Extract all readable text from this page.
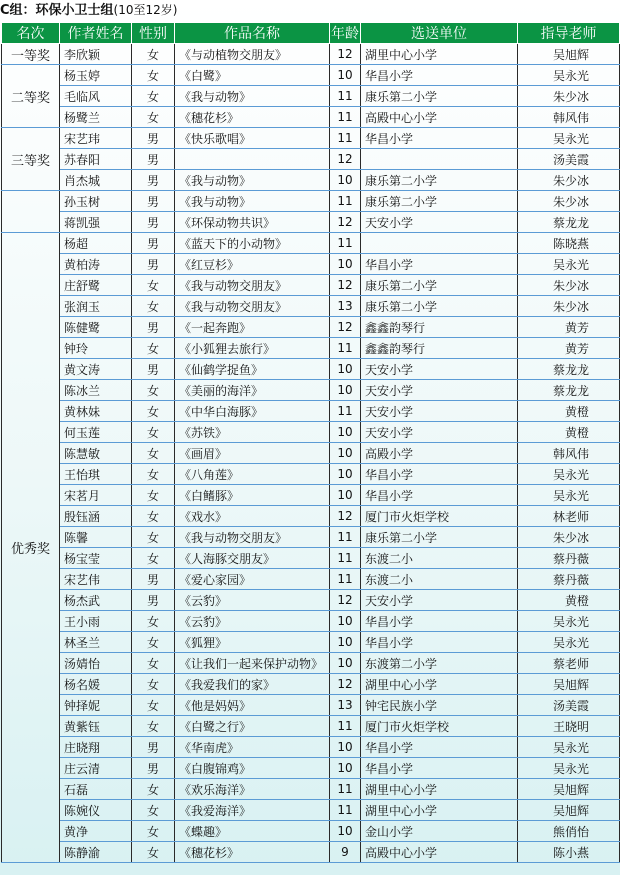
C组：环保小卫士组(10至12岁)
名次	作者姓名	性别	作品名称	年龄	选送单位	指导老师
一等奖	李欣颖	女	《与动植物交朋友》	12	湖里中心小学	吴旭辉
二等奖	杨玉婷	女	《白鹭》	10	华昌小学	吴永光
	毛临风	女	《我与动物》	11	康乐第二小学	朱少冰
	杨鹭兰	女	《穗花杉》	11	高殿中心小学	韩风伟
三等奖	宋艺玮	男	《快乐歌唱》	11	华昌小学	吴永光
	苏春阳	男		12		汤美霞
	肖杰城	男	《我与动物》	10	康乐第二小学	朱少冰
	孙玉树	男	《我与动物》	11	康乐第二小学	朱少冰
	蒋凯强	男	《环保动物共识》	12	天安小学	蔡龙龙
优秀奖	杨超	男	《蓝天下的小动物》	11		陈晓燕
	黄柏涛	男	《红豆杉》	10	华昌小学	吴永光
	庄舒鹭	女	《我与动物交朋友》	12	康乐第二小学	朱少冰
	张润玉	女	《我与动物交朋友》	13	康乐第二小学	朱少冰
	陈健鹭	男	《一起奔跑》	12	鑫鑫韵琴行	黄芳
	钟玲	女	《小狐狸去旅行》	11	鑫鑫韵琴行	黄芳
	黄文涛	男	《仙鹤学捉鱼》	10	天安小学	蔡龙龙
	陈冰兰	女	《美丽的海洋》	10	天安小学	蔡龙龙
	黄林妹	女	《中华白海豚》	11	天安小学	黄橙
	何玉莲	女	《苏铁》	10	天安小学	黄橙
	陈慧敏	女	《画眉》	10	高殿小学	韩风伟
	王怡琪	女	《八角莲》	10	华昌小学	吴永光
	宋茗月	女	《白鳍豚》	10	华昌小学	吴永光
	殷钰涵	女	《戏水》	12	厦门市火炬学校	林老师
	陈馨	女	《我与动物交朋友》	11	康乐第二小学	朱少冰
	杨宝莹	女	《人海豚交朋友》	11	东渡二小	蔡丹薇
	宋艺伟	男	《爱心家园》	11	东渡二小	蔡丹薇
	杨杰武	男	《云豹》	12	天安小学	黄橙
	王小雨	女	《云豹》	10	华昌小学	吴永光
	林圣兰	女	《狐狸》	10	华昌小学	吴永光
	汤婧怡	女	《让我们一起来保护动物》	10	东渡第二小学	蔡老师
	杨名媛	女	《我爱我们的家》	12	湖里中心小学	吴旭辉
	钟择妮	女	《他是妈妈》	13	钟宅民族小学	汤美霞
	黄紫钰	女	《白鹭之行》	11	厦门市火炬学校	王晓明
	庄晓翔	男	《华南虎》	10	华昌小学	吴永光
	庄云清	男	《白腹锦鸡》	10	华昌小学	吴永光
	石磊	女	《欢乐海洋》	11	湖里中心小学	吴旭辉
	陈婉仪	女	《我爱海洋》	11	湖里中心小学	吴旭辉
	黄净	女	《蝶趣》	10	金山小学	熊俏怡
	陈静渝	女	《穗花杉》	9	高殿中心小学	陈小燕
